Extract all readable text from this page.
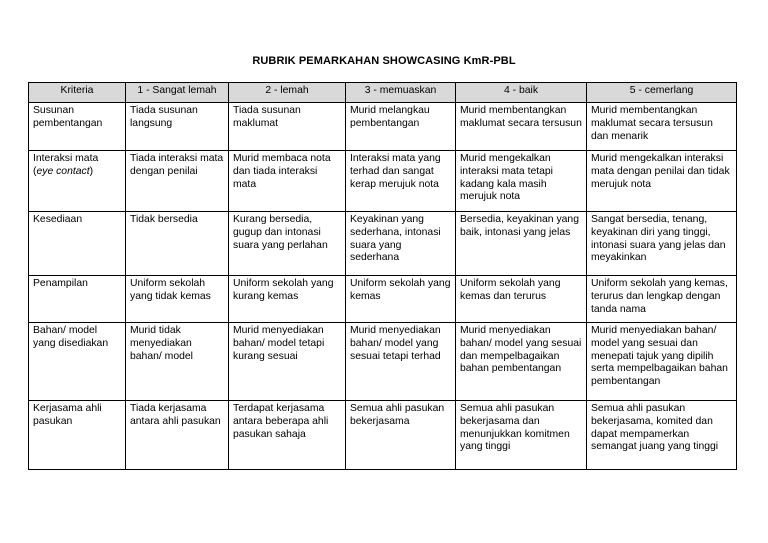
RUBRIK PEMARKAHAN SHOWCASING KmR-PBL
Kriteria	1 - Sangat lemah	2 - lemah	3 - memuaskan	4 - baik	5 - cemerlang
Susunan pembentangan	Tiada susunan langsung	Tiada susunan maklumat	Murid melangkau pembentangan	Murid membentangkan maklumat secara tersusun	Murid membentangkan maklumat secara tersusun dan menarik
Interaksi mata (eye contact)	Tiada interaksi mata dengan penilai	Murid membaca nota dan tiada interaksi mata	Interaksi mata yang terhad dan sangat kerap merujuk nota	Murid mengekalkan interaksi mata tetapi kadang kala masih merujuk nota	Murid mengekalkan interaksi mata dengan penilai dan tidak merujuk nota
Kesediaan	Tidak bersedia	Kurang bersedia, gugup dan intonasi suara yang perlahan	Keyakinan yang sederhana, intonasi suara yang sederhana	Bersedia, keyakinan yang baik, intonasi yang jelas	Sangat bersedia, tenang, keyakinan diri yang tinggi, intonasi suara yang jelas dan meyakinkan
Penampilan	Uniform sekolah yang tidak kemas	Uniform sekolah yang kurang kemas	Uniform sekolah yang kemas	Uniform sekolah yang kemas dan terurus	Uniform sekolah yang kemas, terurus dan lengkap dengan tanda nama
Bahan/ model yang disediakan	Murid tidak menyediakan bahan/ model	Murid menyediakan bahan/ model tetapi kurang sesuai	Murid menyediakan bahan/ model yang sesuai tetapi terhad	Murid menyediakan bahan/ model yang sesuai dan mempelbagaikan bahan pembentangan	Murid menyediakan bahan/ model yang sesuai dan menepati tajuk yang dipilih serta mempelbagaikan bahan pembentangan
Kerjasama ahli pasukan	Tiada kerjasama antara ahli pasukan	Terdapat kerjasama antara beberapa ahli pasukan sahaja	Semua ahli pasukan bekerjasama	Semua ahli pasukan bekerjasama dan menunjukkan komitmen yang tinggi	Semua ahli pasukan bekerjasama, komited dan dapat mempamerkan semangat juang yang tinggi
